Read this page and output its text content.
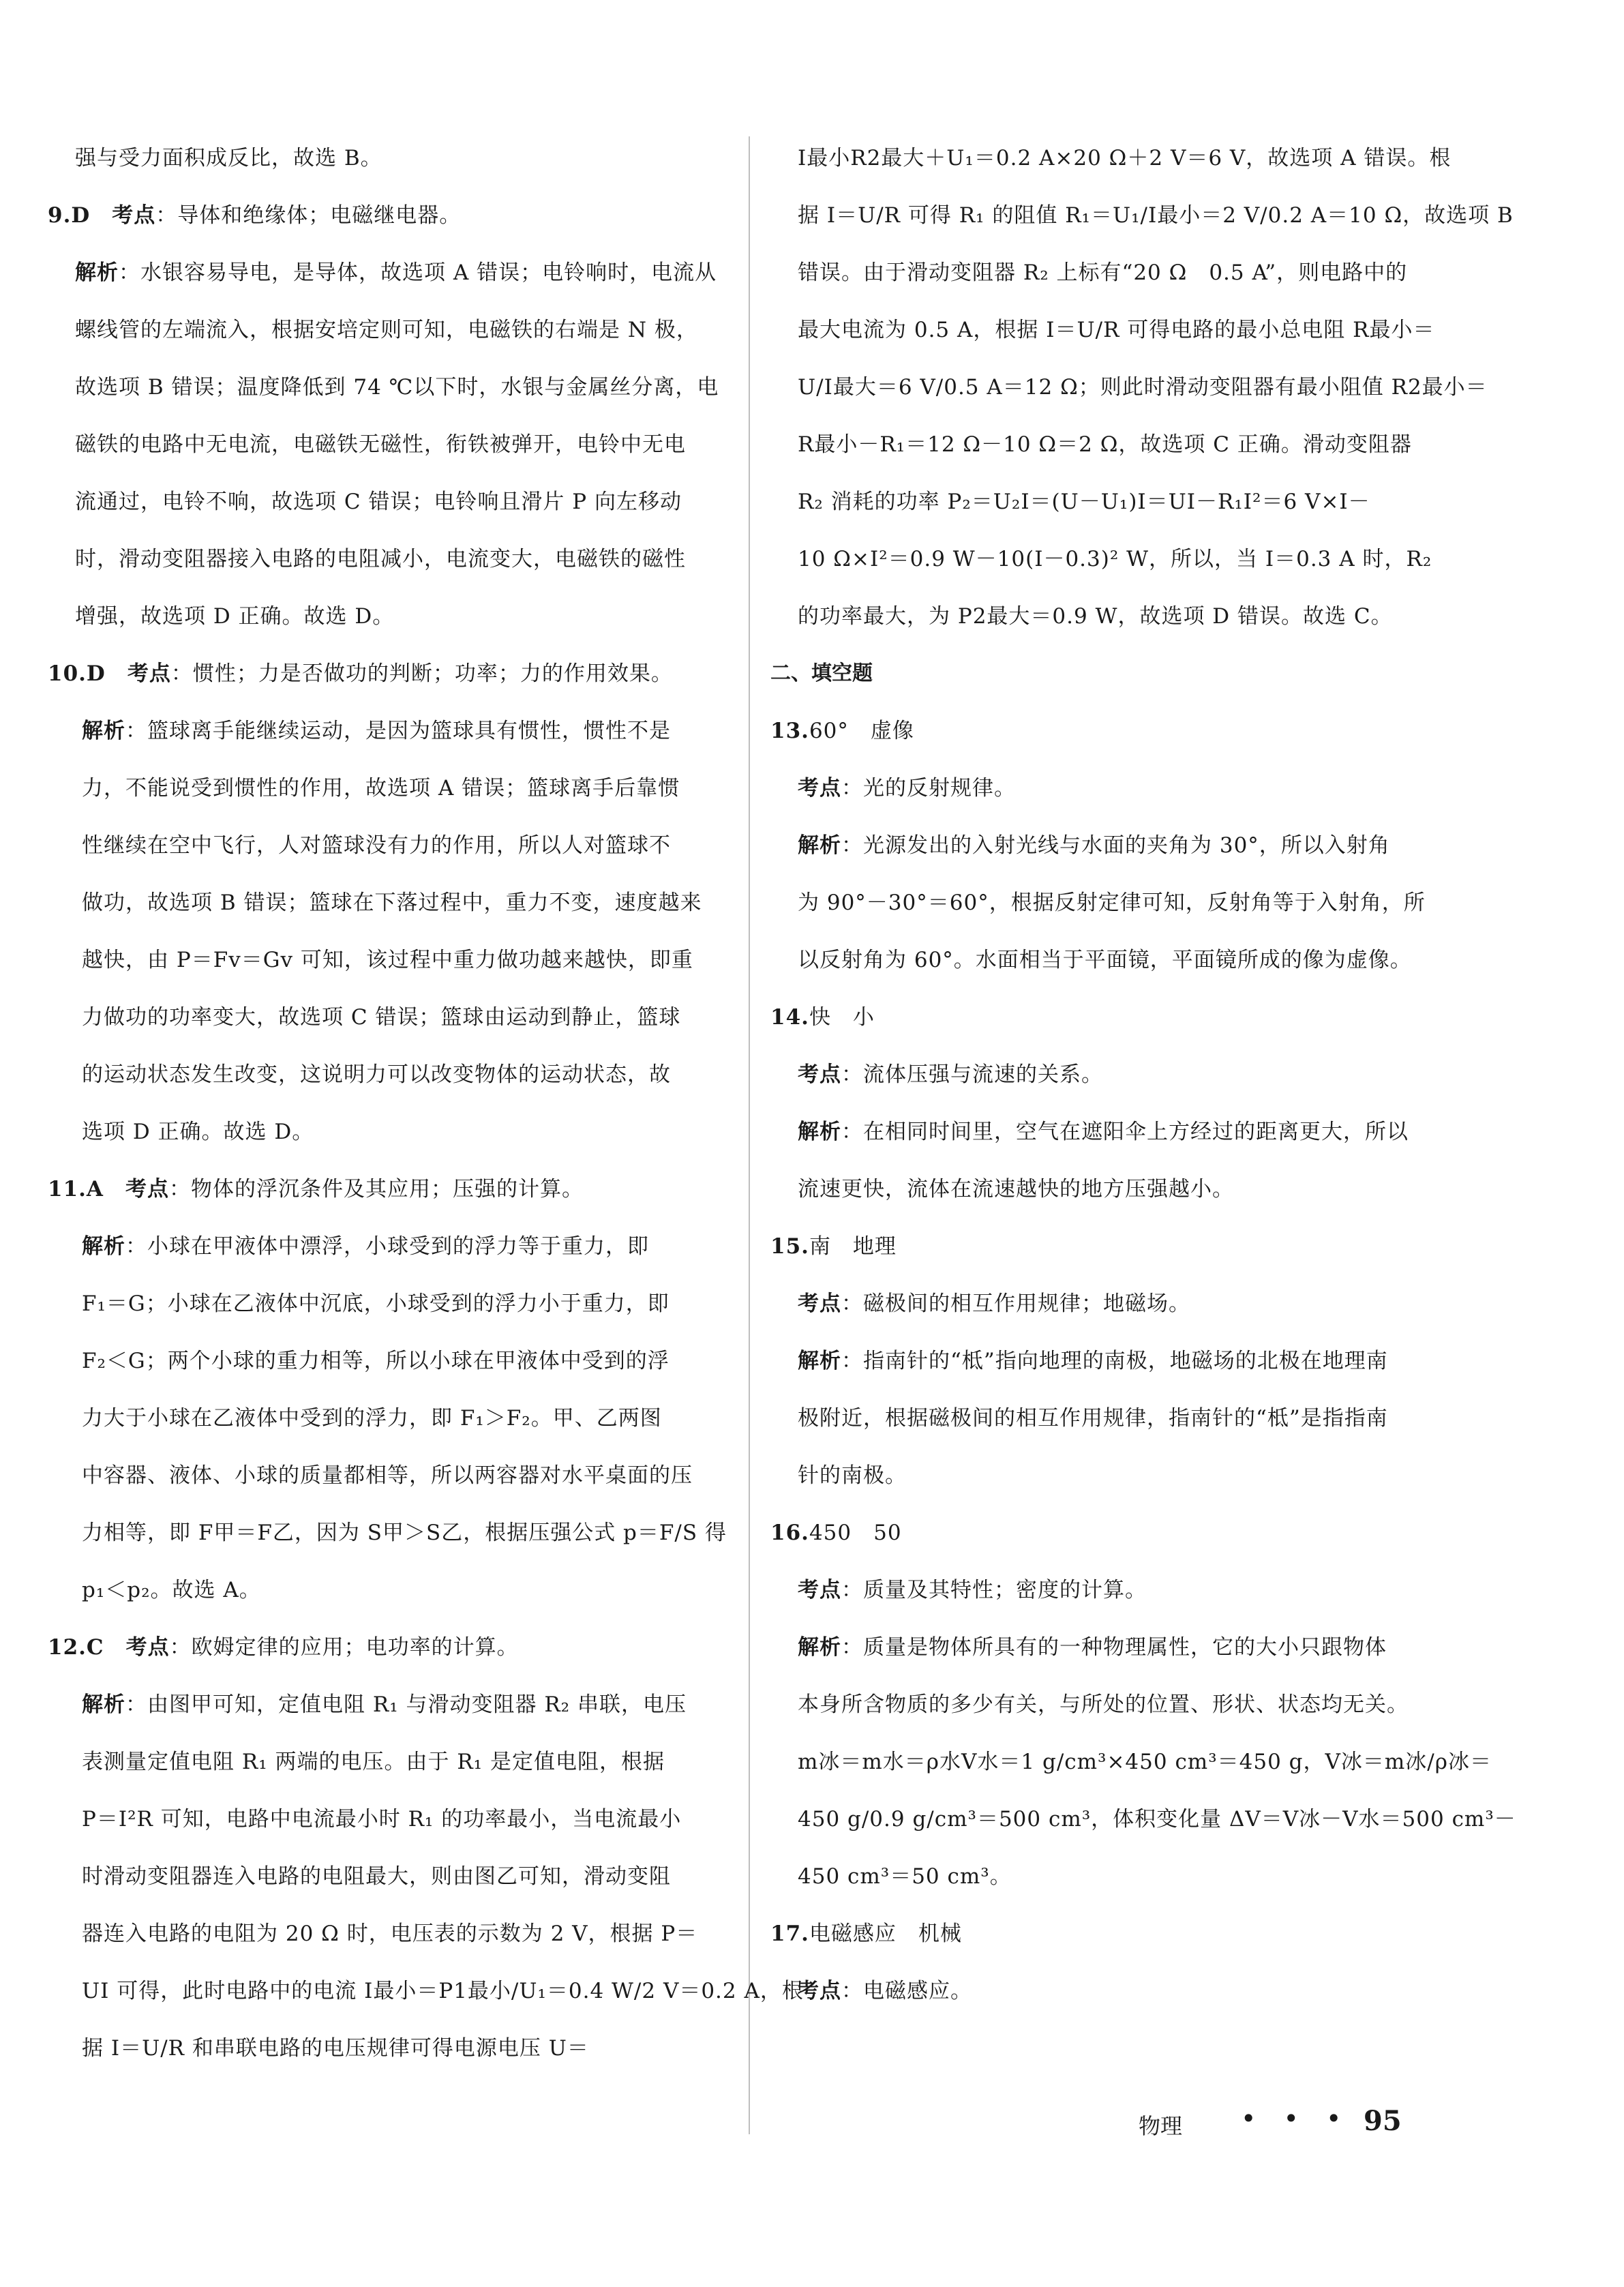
强与受力面积成反比，故选 B。
9.D　 考点：导体和绝缘体；电磁继电器。
解析：水银容易导电，是导体，故选项 A 错误；电铃响时，电流从
螺线管的左端流入，根据安培定则可知，电磁铁的右端是 N 极，
故选项 B 错误；温度降低到 74 ℃以下时，水银与金属丝分离，电
磁铁的电路中无电流，电磁铁无磁性，衔铁被弹开，电铃中无电
流通过，电铃不响，故选项 C 错误；电铃响且滑片 P 向左移动
时，滑动变阻器接入电路的电阻减小，电流变大，电磁铁的磁性
增强，故选项 D 正确。故选 D。
10.D　 考点：惯性；力是否做功的判断；功率；力的作用效果。
解析：篮球离手能继续运动，是因为篮球具有惯性，惯性不是
力，不能说受到惯性的作用，故选项 A 错误；篮球离手后靠惯
性继续在空中飞行，人对篮球没有力的作用，所以人对篮球不
做功，故选项 B 错误；篮球在下落过程中，重力不变，速度越来
越快，由 P＝Fv＝Gv 可知，该过程中重力做功越来越快，即重
力做功的功率变大，故选项 C 错误；篮球由运动到静止，篮球
的运动状态发生改变，这说明力可以改变物体的运动状态，故
选项 D 正确。故选 D。
11.A　 考点：物体的浮沉条件及其应用；压强的计算。
解析：小球在甲液体中漂浮，小球受到的浮力等于重力，即
F₁＝G；小球在乙液体中沉底，小球受到的浮力小于重力，即
F₂＜G；两个小球的重力相等，所以小球在甲液体中受到的浮
力大于小球在乙液体中受到的浮力，即 F₁＞F₂。甲、乙两图
中容器、液体、小球的质量都相等，所以两容器对水平桌面的压
力相等，即 F甲＝F乙，因为 S甲＞S乙，根据压强公式 p＝F/S 得
p₁＜p₂。故选 A。
12.C　 考点：欧姆定律的应用；电功率的计算。
解析：由图甲可知，定值电阻 R₁ 与滑动变阻器 R₂ 串联，电压
表测量定值电阻 R₁ 两端的电压。由于 R₁ 是定值电阻，根据
P＝I²R 可知，电路中电流最小时 R₁ 的功率最小，当电流最小
时滑动变阻器连入电路的电阻最大，则由图乙可知，滑动变阻
器连入电路的电阻为 20 Ω 时，电压表的示数为 2 V，根据 P＝
UI 可得，此时电路中的电流 I最小＝P1最小/U₁＝0.4 W/2 V＝0.2 A，根
据 I＝U/R 和串联电路的电压规律可得电源电压 U＝
I最小R2最大＋U₁＝0.2 A×20 Ω＋2 V＝6 V，故选项 A 错误。根
据 I＝U/R 可得 R₁ 的阻值 R₁＝U₁/I最小＝2 V/0.2 A＝10 Ω，故选项 B
错误。由于滑动变阻器 R₂ 上标有“20 Ω　0.5 A”，则电路中的
最大电流为 0.5 A，根据 I＝U/R 可得电路的最小总电阻 R最小＝
U/I最大＝6 V/0.5 A＝12 Ω；则此时滑动变阻器有最小阻值 R2最小＝
R最小－R₁＝12 Ω－10 Ω＝2 Ω，故选项 C 正确。滑动变阻器
R₂ 消耗的功率 P₂＝U₂I＝(U－U₁)I＝UI－R₁I²＝6 V×I－
10 Ω×I²＝0.9 W－10(I－0.3)² W，所以，当 I＝0.3 A 时，R₂
的功率最大，为 P2最大＝0.9 W，故选项 D 错误。故选 C。
二、填空题
13.60°　虚像
考点：光的反射规律。
解析：光源发出的入射光线与水面的夹角为 30°，所以入射角
为 90°－30°＝60°，根据反射定律可知，反射角等于入射角，所
以反射角为 60°。水面相当于平面镜，平面镜所成的像为虚像。
14.快　小
考点：流体压强与流速的关系。
解析：在相同时间里，空气在遮阳伞上方经过的距离更大，所以
流速更快，流体在流速越快的地方压强越小。
15.南　地理
考点：磁极间的相互作用规律；地磁场。
解析：指南针的“柢”指向地理的南极，地磁场的北极在地理南
极附近，根据磁极间的相互作用规律，指南针的“柢”是指指南
针的南极。
16.450　50
考点：质量及其特性；密度的计算。
解析：质量是物体所具有的一种物理属性，它的大小只跟物体
本身所含物质的多少有关，与所处的位置、形状、状态均无关。
m冰＝m水＝ρ水V水＝1 g/cm³×450 cm³＝450 g，V冰＝m冰/ρ冰＝
450 g/0.9 g/cm³＝500 cm³，体积变化量 ΔV＝V冰－V水＝500 cm³－
450 cm³＝50 cm³。
17.电磁感应　机械
考点：电磁感应。
物理 • • • 95
